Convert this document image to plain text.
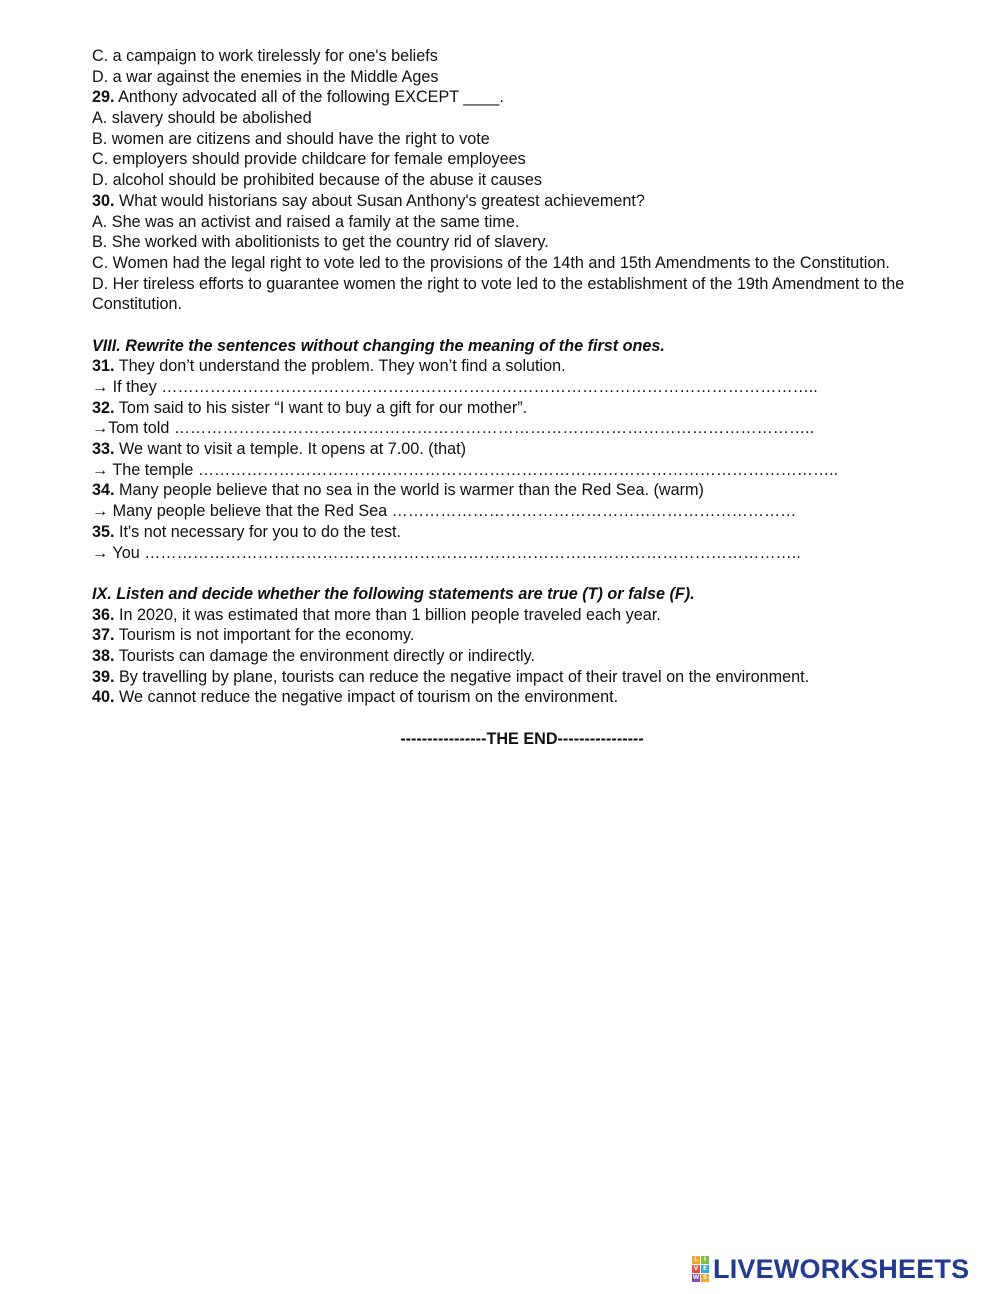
C. a campaign to work tirelessly for one's beliefs
D. a war against the enemies in the Middle Ages
29. Anthony advocated all of the following EXCEPT ____.
A. slavery should be abolished
B. women are citizens and should have the right to vote
C. employers should provide childcare for female employees
D. alcohol should be prohibited because of the abuse it causes
30. What would historians say about Susan Anthony's greatest achievement?
A. She was an activist and raised a family at the same time.
B. She worked with abolitionists to get the country rid of slavery.
C. Women had the legal right to vote led to the provisions of the 14th and 15th Amendments to the Constitution.
D. Her tireless efforts to guarantee women the right to vote led to the establishment of the 19th Amendment to the Constitution.
VIII. Rewrite the sentences without changing the meaning of the first ones.
31. They don’t understand the problem. They won’t find a solution.
→ If they …………………………………………………………………………………………………………..
32. Tom said to his sister “I want to buy a gift for our mother”.
→Tom told ………………………………………………………………………………………………………..
33. We want to visit a temple. It opens at 7.00. (that)
→ The temple ………………………………………………………………………………………………………..
34. Many people believe that no sea in the world is warmer than the Red Sea. (warm)
→ Many people believe that the Red Sea …………………………………………………………………
35. It's not necessary for you to do the test.
→ You …………………………………………………………………………………………………………..
IX. Listen and decide whether the following statements are true (T) or false (F).
36. In 2020, it was estimated that more than 1 billion people traveled each year.
37. Tourism is not important for the economy.
38. Tourists can damage the environment directly or indirectly.
39. By travelling by plane, tourists can reduce the negative impact of their travel on the environment.
40. We cannot reduce the negative impact of tourism on the environment.
----------------THE END----------------
L I
V E
W S LIVEWORKSHEETS
